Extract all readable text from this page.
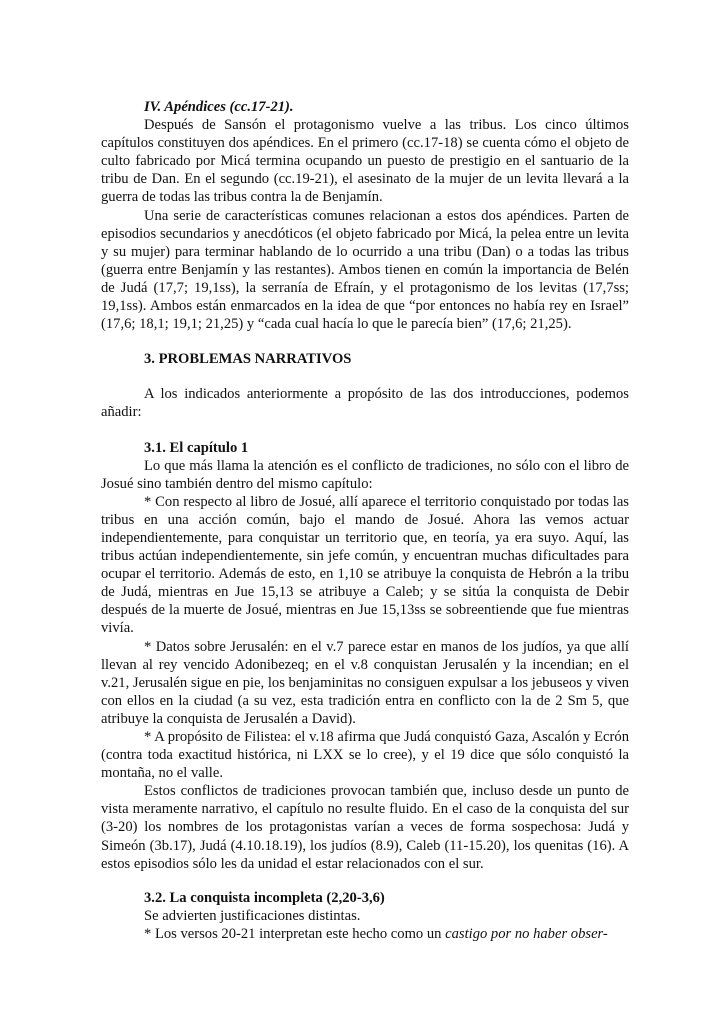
IV. Apéndices (cc.17-21).

Después de Sansón el protagonismo vuelve a las tribus. Los cinco últimos capítulos constituyen dos apéndices. En el primero (cc.17-18) se cuenta cómo el objeto de culto fabricado por Micá termina ocupando un puesto de prestigio en el santuario de la tribu de Dan. En el segundo (cc.19-21), el asesinato de la mujer de un levita llevará a la guerra de todas las tribus contra la de Benjamín.

Una serie de características comunes relacionan a estos dos apéndices. Parten de episodios secundarios y anecdóticos (el objeto fabricado por Micá, la pelea entre un levita y su mujer) para terminar hablando de lo ocurrido a una tribu (Dan) o a todas las tribus (guerra entre Benjamín y las restantes). Ambos tienen en común la importancia de Belén de Judá (17,7; 19,1ss), la serranía de Efraín, y el protagonismo de los levitas (17,7ss; 19,1ss). Ambos están enmarcados en la idea de que “por entonces no había rey en Israel” (17,6; 18,1; 19,1; 21,25) y “cada cual hacía lo que le parecía bien” (17,6; 21,25).

3. PROBLEMAS NARRATIVOS

A los indicados anteriormente a propósito de las dos introducciones, podemos añadir:

3.1. El capítulo 1

Lo que más llama la atención es el conflicto de tradiciones, no sólo con el libro de Josué sino también dentro del mismo capítulo:

* Con respecto al libro de Josué, allí aparece el territorio conquistado por todas las tribus en una acción común, bajo el mando de Josué. Ahora las vemos actuar independientemente, para conquistar un territorio que, en teoría, ya era suyo. Aquí, las tribus actúan independientemente, sin jefe común, y encuentran muchas dificultades para ocupar el territorio. Además de esto, en 1,10 se atribuye la conquista de Hebrón a la tribu de Judá, mientras en Jue 15,13 se atribuye a Caleb; y se sitúa la conquista de Debir después de la muerte de Josué, mientras en Jue 15,13ss se sobreentiende que fue mientras vivía.

* Datos sobre Jerusalén: en el v.7 parece estar en manos de los judíos, ya que allí llevan al rey vencido Adonibezeq; en el v.8 conquistan Jerusalén y la incendian; en el v.21, Jerusalén sigue en pie, los benjaminitas no consiguen expulsar a los jebuseos y viven con ellos en la ciudad (a su vez, esta tradición entra en conflicto con la de 2 Sm 5, que atribuye la conquista de Jerusalén a David).

* A propósito de Filistea: el v.18 afirma que Judá conquistó Gaza, Ascalón y Ecrón (contra toda exactitud histórica, ni LXX se lo cree), y el 19 dice que sólo conquistó la montaña, no el valle.

Estos conflictos de tradiciones provocan también que, incluso desde un punto de vista meramente narrativo, el capítulo no resulte fluido. En el caso de la conquista del sur (3-20) los nombres de los protagonistas varían a veces de forma sospechosa: Judá y Simeón (3b.17), Judá (4.10.18.19), los judíos (8.9), Caleb (11-15.20), los quenitas (16). A estos episodios sólo les da unidad el estar relacionados con el sur.

3.2. La conquista incompleta (2,20-3,6)

Se advierten justificaciones distintas.

* Los versos 20-21 interpretan este hecho como un castigo por no haber obser-
